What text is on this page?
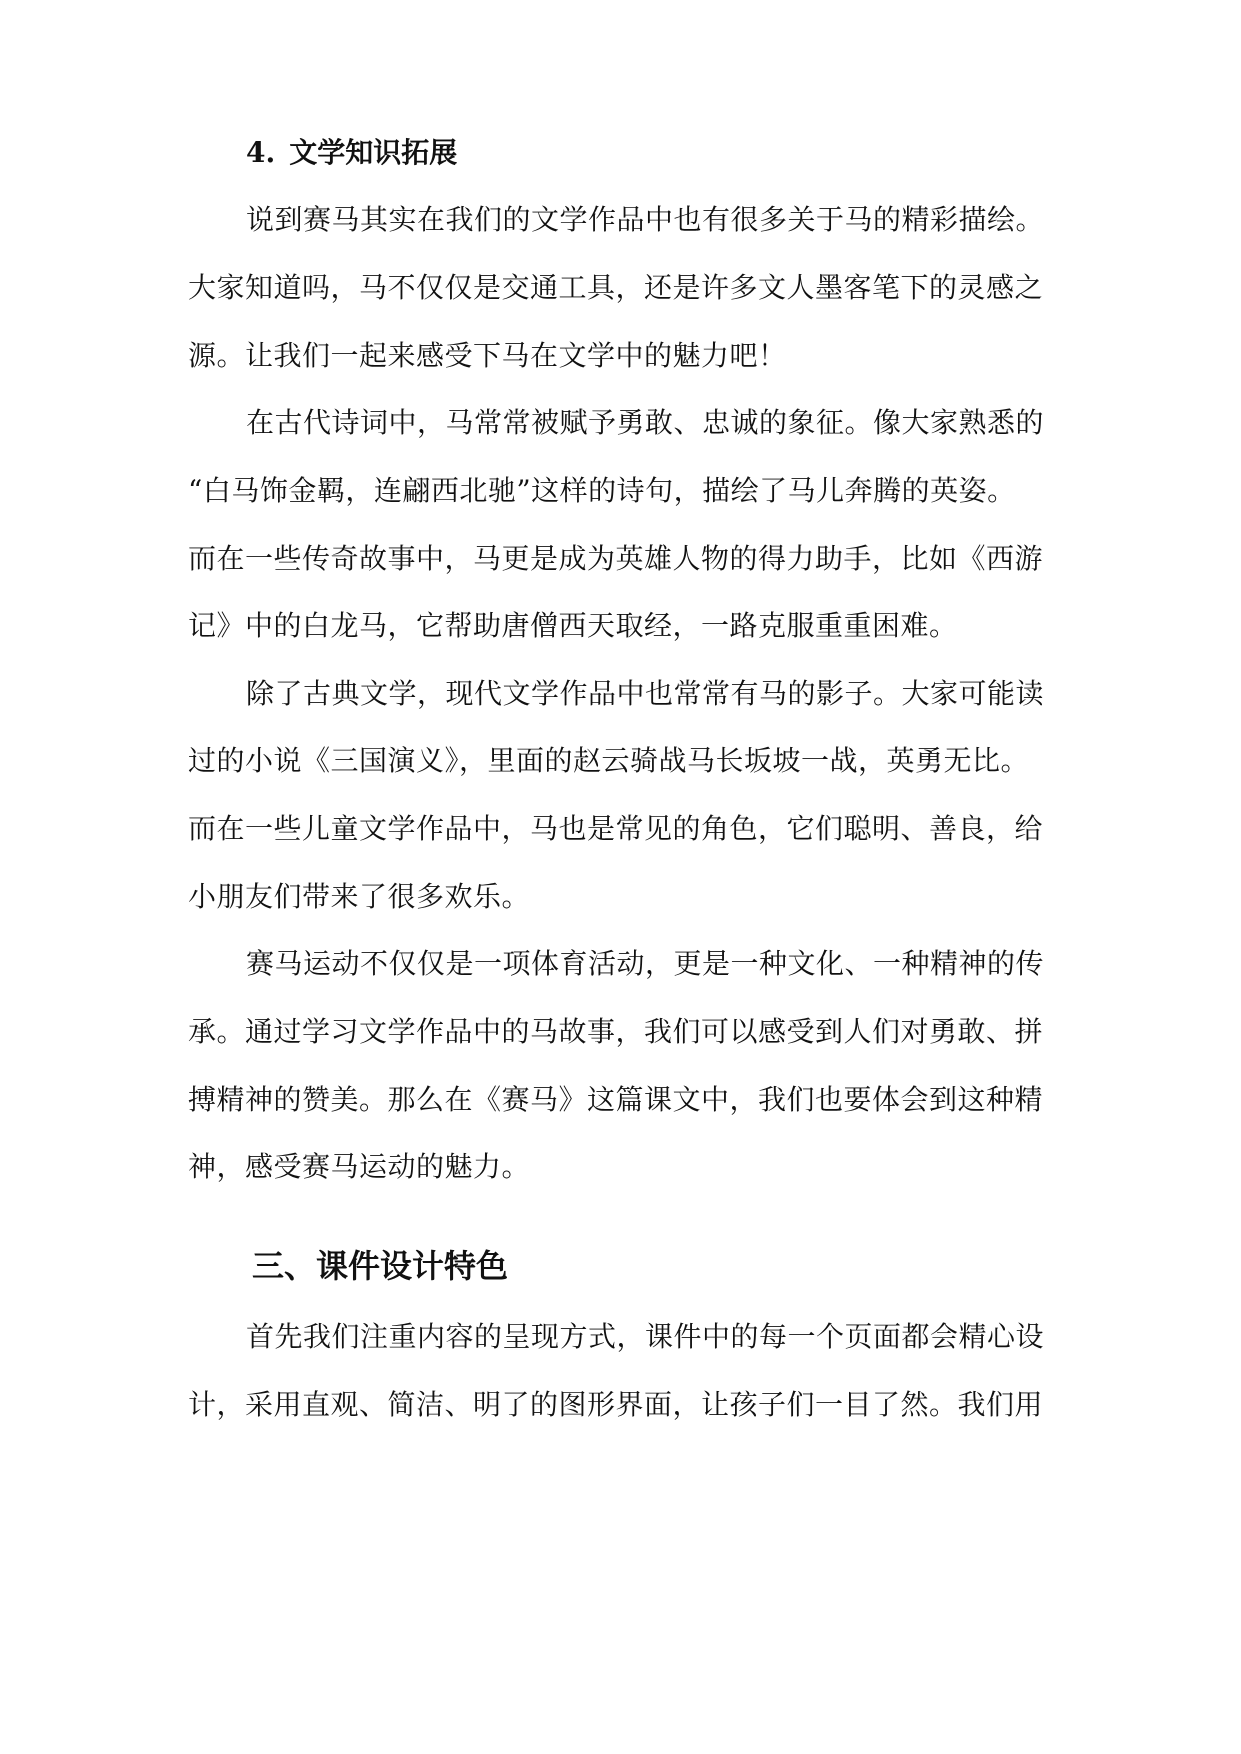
4. 文学知识拓展
说到赛马其实在我们的文学作品中也有很多关于马的精彩描绘。
大家知道吗，马不仅仅是交通工具，还是许多文人墨客笔下的灵感之
源。让我们一起来感受下马在文学中的魅力吧！
在古代诗词中，马常常被赋予勇敢、忠诚的象征。像大家熟悉的
“白马饰金羁，连翩西北驰”这样的诗句，描绘了马儿奔腾的英姿。
而在一些传奇故事中，马更是成为英雄人物的得力助手，比如《西游
记》中的白龙马，它帮助唐僧西天取经，一路克服重重困难。
除了古典文学，现代文学作品中也常常有马的影子。大家可能读
过的小说《三国演义》，里面的赵云骑战马长坂坡一战，英勇无比。
而在一些儿童文学作品中，马也是常见的角色，它们聪明、善良，给
小朋友们带来了很多欢乐。
赛马运动不仅仅是一项体育活动，更是一种文化、一种精神的传
承。通过学习文学作品中的马故事，我们可以感受到人们对勇敢、拼
搏精神的赞美。那么在《赛马》这篇课文中，我们也要体会到这种精
神，感受赛马运动的魅力。
三、课件设计特色
首先我们注重内容的呈现方式，课件中的每一个页面都会精心设
计，采用直观、简洁、明了的图形界面，让孩子们一目了然。我们用
